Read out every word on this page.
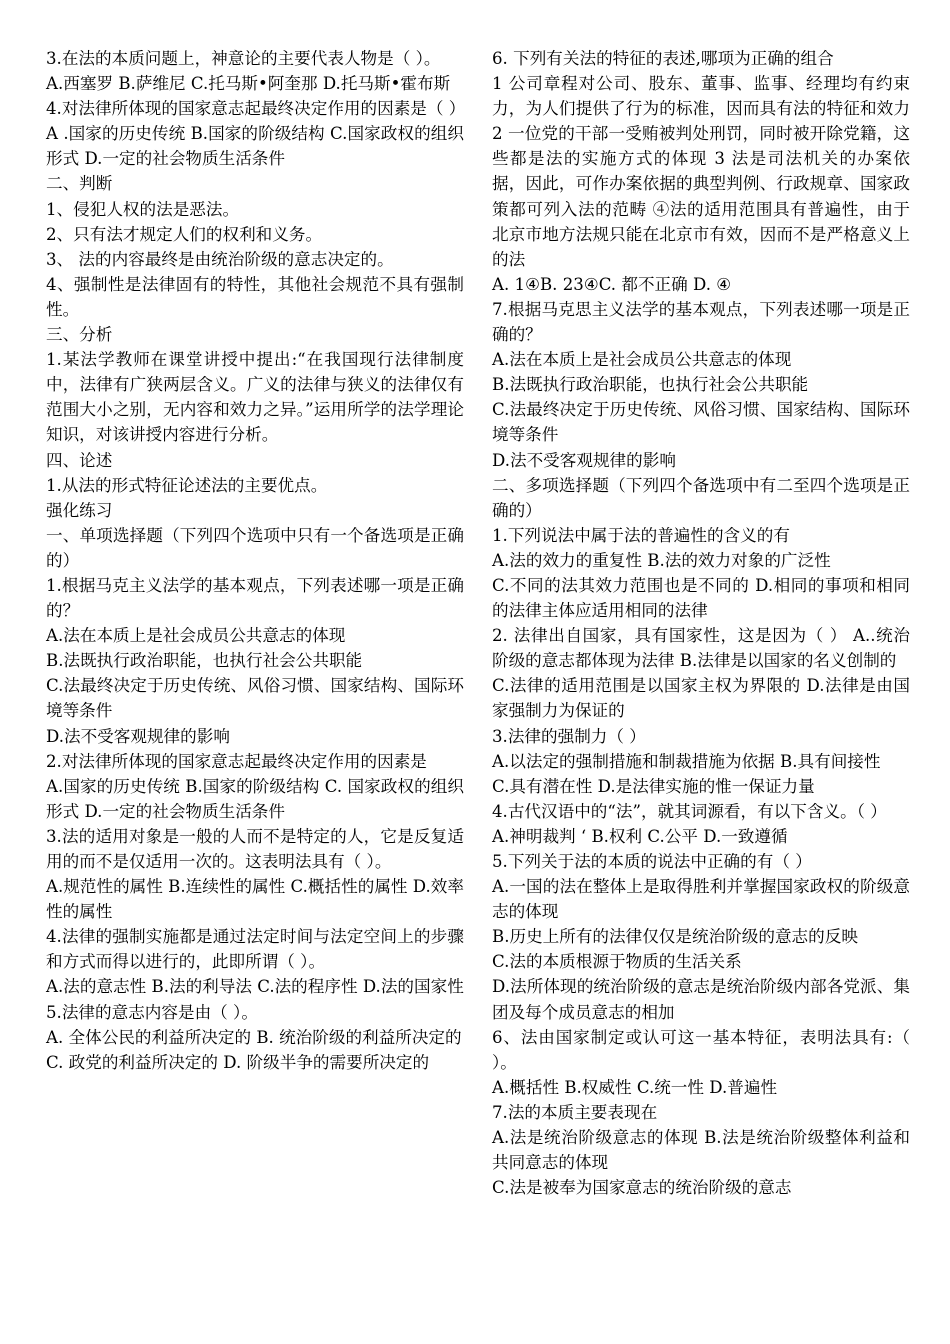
3.在法的本质问题上，神意论的主要代表人物是（ ）。
A.西塞罗 B.萨维尼 C.托马斯•阿奎那 D.托马斯•霍布斯
4.对法律所体现的国家意志起最终决定作用的因素是（ ）
A .国家的历史传统 B.国家的阶级结构 C.国家政权的组织形式 D.一定的社会物质生活条件
二、判断
1、侵犯人权的法是恶法。
2、只有法才规定人们的权利和义务。
3、 法的内容最终是由统治阶级的意志决定的。
4、强制性是法律固有的特性，其他社会规范不具有强制性。
三、分析
1.某法学教师在课堂讲授中提出:“在我国现行法律制度中，法律有广狭两层含义。广义的法律与狭义的法律仅有范围大小之别，无内容和效力之异。”运用所学的法学理论知识，对该讲授内容进行分析。
四、论述
1.从法的形式特征论述法的主要优点。
强化练习
一、单项选择题（下列四个选项中只有一个备选项是正确的）
1.根据马克主义法学的基本观点，下列表述哪一项是正确的？
A.法在本质上是社会成员公共意志的体现
B.法既执行政治职能，也执行社会公共职能
C.法最终决定于历史传统、风俗习惯、国家结构、国际环境等条件
D.法不受客观规律的影响
2.对法律所体现的国家意志起最终决定作用的因素是
A.国家的历史传统 B.国家的阶级结构 C. 国家政权的组织形式 D.一定的社会物质生活条件
3.法的适用对象是一般的人而不是特定的人，它是反复适用的而不是仅适用一次的。这表明法具有（ ）。
A.规范性的属性 B.连续性的属性 C.概括性的属性 D.效率性的属性
4.法律的强制实施都是通过法定时间与法定空间上的步骤和方式而得以进行的，此即所谓（ ）。
A.法的意志性 B.法的利导法 C.法的程序性 D.法的国家性
5.法律的意志内容是由（ ）。
A. 全体公民的利益所决定的 B. 统治阶级的利益所决定的
C. 政党的利益所决定的 D. 阶级半争的需要所决定的
6. 下列有关法的特征的表述,哪项为正确的组合
1 公司章程对公司、股东、董事、监事、经理均有约束力，为人们提供了行为的标准，因而具有法的特征和效力 2 一位党的干部一受贿被判处刑罚，同时被开除党籍，这些都是法的实施方式的体现 3 法是司法机关的办案依据，因此，可作办案依据的典型判例、行政规章、国家政策都可列入法的范畴 ④法的适用范围具有普遍性，由于北京市地方法规只能在北京市有效，因而不是严格意义上的法
A. 1④B. 23④C. 都不正确 D. ④
7.根据马克思主义法学的基本观点，下列表述哪一项是正确的？
A.法在本质上是社会成员公共意志的体现
B.法既执行政治职能，也执行社会公共职能
C.法最终决定于历史传统、风俗习惯、国家结构、国际环境等条件
D.法不受客观规律的影响
二、多项选择题（下列四个备选项中有二至四个选项是正确的）
1.下列说法中属于法的普遍性的含义的有
A.法的效力的重复性 B.法的效力对象的广泛性
C.不同的法其效力范围也是不同的 D.相同的事项和相同的法律主体应适用相同的法律
2. 法律出自国家，具有国家性，这是因为（ ） A..统治阶级的意志都体现为法律 B.法律是以国家的名义创制的
C.法律的适用范围是以国家主权为界限的 D.法律是由国家强制力为保证的
3.法律的强制力（ ）
A.以法定的强制措施和制裁措施为依据 B.具有间接性
C.具有潜在性 D.是法律实施的惟一保证力量
4.古代汉语中的“法”，就其词源看，有以下含义。（ ）
A.神明裁判 ‘ B.权利 C.公平 D.一致遵循
5.下列关于法的本质的说法中正确的有（ ）
A.一国的法在整体上是取得胜利并掌握国家政权的阶级意志的体现
B.历史上所有的法律仅仅是统治阶级的意志的反映
C.法的本质根源于物质的生活关系
D.法所体现的统治阶级的意志是统治阶级内部各党派、集团及每个成员意志的相加
6、法由国家制定或认可这一基本特征，表明法具有:（ ）。
A.概括性 B.权威性 C.统一性 D.普遍性
7.法的本质主要表现在
A.法是统治阶级意志的体现 B.法是统治阶级整体利益和共同意志的体现
C.法是被奉为国家意志的统治阶级的意志
